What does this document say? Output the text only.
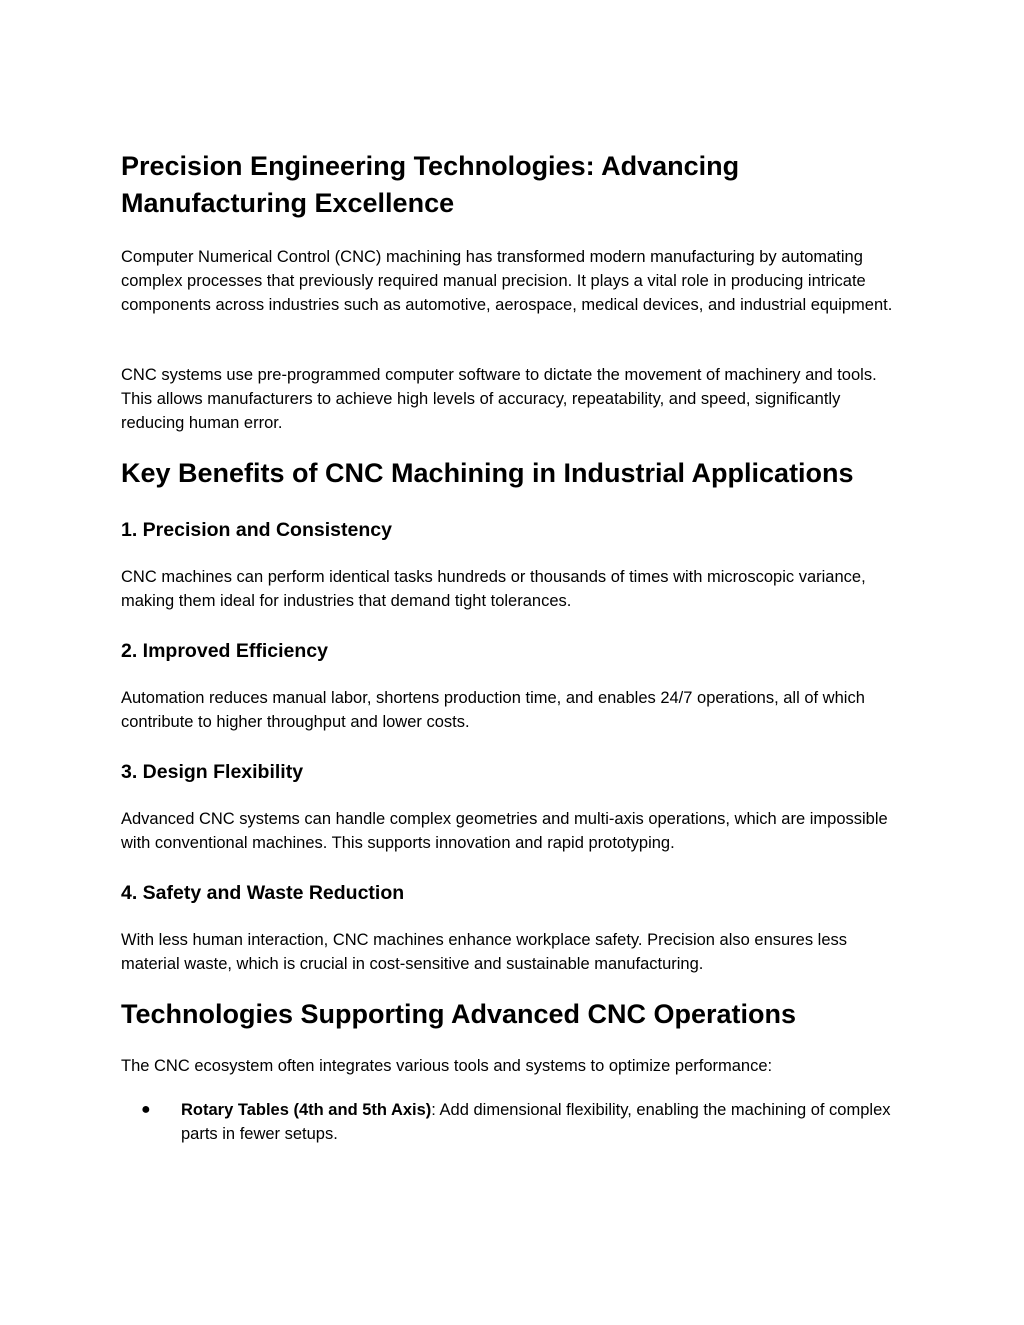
Precision Engineering Technologies: Advancing Manufacturing Excellence

Computer Numerical Control (CNC) machining has transformed modern manufacturing by automating complex processes that previously required manual precision. It plays a vital role in producing intricate components across industries such as automotive, aerospace, medical devices, and industrial equipment.

CNC systems use pre-programmed computer software to dictate the movement of machinery and tools. This allows manufacturers to achieve high levels of accuracy, repeatability, and speed, significantly reducing human error.

Key Benefits of CNC Machining in Industrial Applications
1. Precision and Consistency

CNC machines can perform identical tasks hundreds or thousands of times with microscopic variance, making them ideal for industries that demand tight tolerances.

2. Improved Efficiency

Automation reduces manual labor, shortens production time, and enables 24/7 operations, all of which contribute to higher throughput and lower costs.

3. Design Flexibility

Advanced CNC systems can handle complex geometries and multi-axis operations, which are impossible with conventional machines. This supports innovation and rapid prototyping.

4. Safety and Waste Reduction

With less human interaction, CNC machines enhance workplace safety. Precision also ensures less material waste, which is crucial in cost-sensitive and sustainable manufacturing.

Technologies Supporting Advanced CNC Operations

The CNC ecosystem often integrates various tools and systems to optimize performance:

● Rotary Tables (4th and 5th Axis): Add dimensional flexibility, enabling the machining of complex parts in fewer setups.
